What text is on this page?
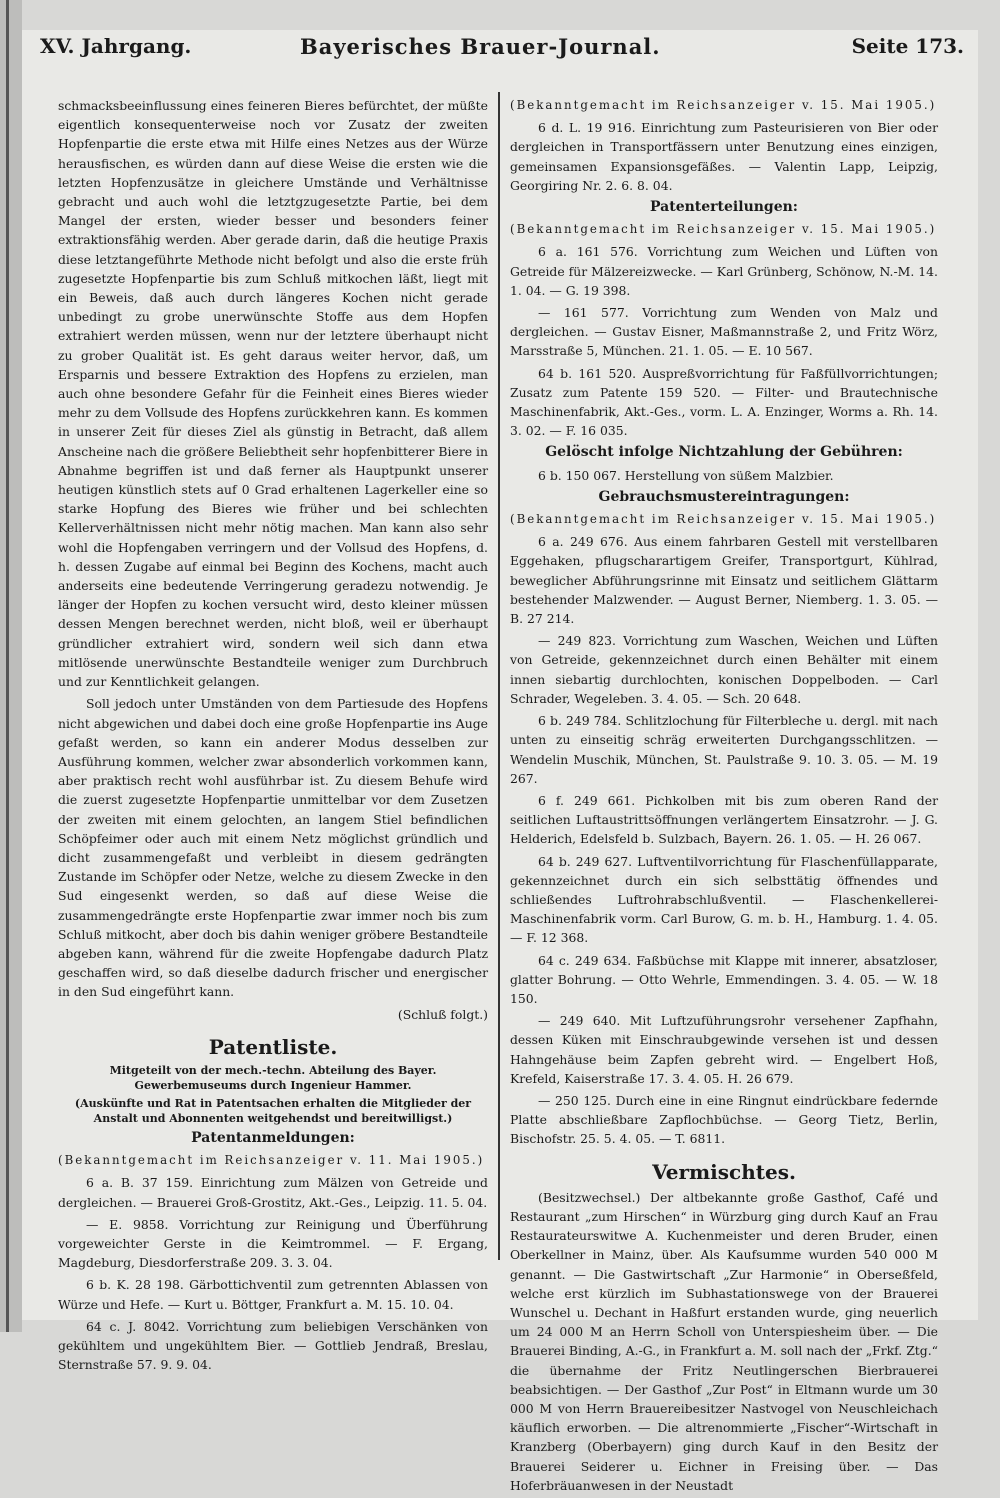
XV. Jahrgang.	Bayerisches Brauer-Journal.	Seite 173.

schmacksbeeinflussung eines feineren Bieres befürchtet, der müßte eigentlich konsequenterweise noch vor Zusatz der zweiten Hopfenpartie die erste etwa mit Hilfe eines Netzes aus der Würze herausfischen, es würden dann auf diese Weise die ersten wie die letzten Hopfenzusätze in gleichere Umstände und Verhältnisse gebracht und auch wohl die letztgzugesetzte Partie, bei dem Mangel der ersten, wieder besser und besonders feiner extraktionsfähig werden. Aber gerade darin, daß die heutige Praxis diese letztangeführte Methode nicht befolgt und also die erste früh zugesetzte Hopfenpartie bis zum Schluß mitkochen läßt, liegt mit ein Beweis, daß auch durch längeres Kochen nicht gerade unbedingt zu grobe unerwünschte Stoffe aus dem Hopfen extrahiert werden müssen, wenn nur der letztere überhaupt nicht zu grober Qualität ist. Es geht daraus weiter hervor, daß, um Ersparnis und bessere Extraktion des Hopfens zu erzielen, man auch ohne besondere Gefahr für die Feinheit eines Bieres wieder mehr zu dem Vollsude des Hopfens zurückkehren kann. Es kommen in unserer Zeit für dieses Ziel als günstig in Betracht, daß allem Anscheine nach die größere Beliebtheit sehr hopfenbitterer Biere in Abnahme begriffen ist und daß ferner als Hauptpunkt unserer heutigen künstlich stets auf 0 Grad erhaltenen Lagerkeller eine so starke Hopfung des Bieres wie früher und bei schlechten Kellerverhältnissen nicht mehr nötig machen. Man kann also sehr wohl die Hopfengaben verringern und der Vollsud des Hopfens, d. h. dessen Zugabe auf einmal bei Beginn des Kochens, macht auch anderseits eine bedeutende Verringerung geradezu notwendig. Je länger der Hopfen zu kochen versucht wird, desto kleiner müssen dessen Mengen berechnet werden, nicht bloß, weil er überhaupt gründlicher extrahiert wird, sondern weil sich dann etwa mitlösende unerwünschte Bestandteile weniger zum Durchbruch und zur Kenntlichkeit gelangen.

Soll jedoch unter Umständen von dem Partiesude des Hopfens nicht abgewichen und dabei doch eine große Hopfenpartie ins Auge gefaßt werden, so kann ein anderer Modus desselben zur Ausführung kommen, welcher zwar absonderlich vorkommen kann, aber praktisch recht wohl ausführbar ist. Zu diesem Behufe wird die zuerst zugesetzte Hopfenpartie unmittelbar vor dem Zusetzen der zweiten mit einem gelochten, an langem Stiel befindlichen Schöpfeimer oder auch mit einem Netz möglichst gründlich und dicht zusammengefaßt und verbleibt in diesem gedrängten Zustande im Schöpfer oder Netze, welche zu diesem Zwecke in den Sud eingesenkt werden, so daß auf diese Weise die zusammengedrängte erste Hopfenpartie zwar immer noch bis zum Schluß mitkocht, aber doch bis dahin weniger gröbere Bestandteile abgeben kann, während für die zweite Hopfengabe dadurch Platz geschaffen wird, so daß dieselbe dadurch frischer und energischer in den Sud eingeführt kann.

(Schluß folgt.)

Patentliste.

Mitgeteilt von der mech.-techn. Abteilung des Bayer. Gewerbemuseums durch Ingenieur Hammer.

(Auskünfte und Rat in Patentsachen erhalten die Mitglieder der Anstalt und Abonnenten weitgehendst und bereitwilligst.)

Patentanmeldungen:

(Bekanntgemacht im Reichsanzeiger v. 11. Mai 1905.)

6 a. B. 37 159. Einrichtung zum Mälzen von Getreide und dergleichen. — Brauerei Groß-Grostitz, Akt.-Ges., Leipzig. 11. 5. 04.

— E. 9858. Vorrichtung zur Reinigung und Überführung vorgeweichter Gerste in die Keimtrommel. — F. Ergang, Magdeburg, Diesdorferstraße 209. 3. 3. 04.

6 b. K. 28 198. Gärbottichventil zum getrennten Ablassen von Würze und Hefe. — Kurt u. Böttger, Frankfurt a. M. 15. 10. 04.

64 c. J. 8042. Vorrichtung zum beliebigen Verschänken von gekühltem und ungekühltem Bier. — Gottlieb Jendraß, Breslau, Sternstraße 57. 9. 9. 04.

(Bekanntgemacht im Reichsanzeiger v. 15. Mai 1905.)

6 d. L. 19 916. Einrichtung zum Pasteurisieren von Bier oder dergleichen in Transportfässern unter Benutzung eines einzigen, gemeinsamen Expansionsgefäßes. — Valentin Lapp, Leipzig, Georgiring Nr. 2. 6. 8. 04.

Patenterteilungen:

(Bekanntgemacht im Reichsanzeiger v. 15. Mai 1905.)

6 a. 161 576. Vorrichtung zum Weichen und Lüften von Getreide für Mälzereizwecke. — Karl Grünberg, Schönow, N.-M. 14. 1. 04. — G. 19 398.

— 161 577. Vorrichtung zum Wenden von Malz und dergleichen. — Gustav Eisner, Maßmannstraße 2, und Fritz Wörz, Marsstraße 5, München. 21. 1. 05. — E. 10 567.

64 b. 161 520. Auspreßvorrichtung für Faßfüllvorrichtungen; Zusatz zum Patente 159 520. — Filter- und Brautechnische Maschinenfabrik, Akt.-Ges., vorm. L. A. Enzinger, Worms a. Rh. 14. 3. 02. — F. 16 035.

Gelöscht infolge Nichtzahlung der Gebühren:

6 b. 150 067. Herstellung von süßem Malzbier.

Gebrauchsmustereintragungen:

(Bekanntgemacht im Reichsanzeiger v. 15. Mai 1905.)

6 a. 249 676. Aus einem fahrbaren Gestell mit verstellbaren Eggehaken, pflugscharartigem Greifer, Transportgurt, Kühlrad, beweglicher Abführungsrinne mit Einsatz und seitlichem Glättarm bestehender Malzwender. — August Berner, Niemberg. 1. 3. 05. — B. 27 214.

— 249 823. Vorrichtung zum Waschen, Weichen und Lüften von Getreide, gekennzeichnet durch einen Behälter mit einem innen siebartig durchlochten, konischen Doppelboden. — Carl Schrader, Wegeleben. 3. 4. 05. — Sch. 20 648.

6 b. 249 784. Schlitzlochung für Filterbleche u. dergl. mit nach unten zu einseitig schräg erweiterten Durchgangsschlitzen. — Wendelin Muschik, München, St. Paulstraße 9. 10. 3. 05. — M. 19 267.

6 f. 249 661. Pichkolben mit bis zum oberen Rand der seitlichen Luftaustrittsöffnungen verlängertem Einsatzrohr. — J. G. Helderich, Edelsfeld b. Sulzbach, Bayern. 26. 1. 05. — H. 26 067.

64 b. 249 627. Luftventilvorrichtung für Flaschenfüllapparate, gekennzeichnet durch ein sich selbsttätig öffnendes und schließendes Luftrohrabschlußventil. — Flaschenkellerei-Maschinenfabrik vorm. Carl Burow, G. m. b. H., Hamburg. 1. 4. 05. — F. 12 368.

64 c. 249 634. Faßbüchse mit Klappe mit innerer, absatzloser, glatter Bohrung. — Otto Wehrle, Emmendingen. 3. 4. 05. — W. 18 150.

— 249 640. Mit Luftzuführungsrohr versehener Zapfhahn, dessen Küken mit Einschraubgewinde versehen ist und dessen Hahngehäuse beim Zapfen gebreht wird. — Engelbert Hoß, Krefeld, Kaiserstraße 17. 3. 4. 05. H. 26 679.

— 250 125. Durch eine in eine Ringnut eindrückbare federnde Platte abschließbare Zapflochbüchse. — Georg Tietz, Berlin, Bischofstr. 25. 5. 4. 05. — T. 6811.

Vermischtes.

(Besitzwechsel.) Der altbekannte große Gasthof, Café und Restaurant „zum Hirschen“ in Würzburg ging durch Kauf an Frau Restaurateurswitwe A. Kuchenmeister und deren Bruder, einen Oberkellner in Mainz, über. Als Kaufsumme wurden 540 000 M genannt. — Die Gastwirtschaft „Zur Harmonie“ in Oberseßfeld, welche erst kürzlich im Subhastationswege von der Brauerei Wunschel u. Dechant in Haßfurt erstanden wurde, ging neuerlich um 24 000 M an Herrn Scholl von Unterspiesheim über. — Die Brauerei Binding, A.-G., in Frankfurt a. M. soll nach der „Frkf. Ztg.“ die übernahme der Fritz Neutlingerschen Bierbrauerei beabsichtigen. — Der Gasthof „Zur Post“ in Eltmann wurde um 30 000 M von Herrn Brauereibesitzer Nastvogel von Neuschleichach käuflich erworben. — Die altrenommierte „Fischer“-Wirtschaft in Kranzberg (Oberbayern) ging durch Kauf in den Besitz der Brauerei Seiderer u. Eichner in Freising über. — Das Hoferbräuanwesen in der Neustadt
